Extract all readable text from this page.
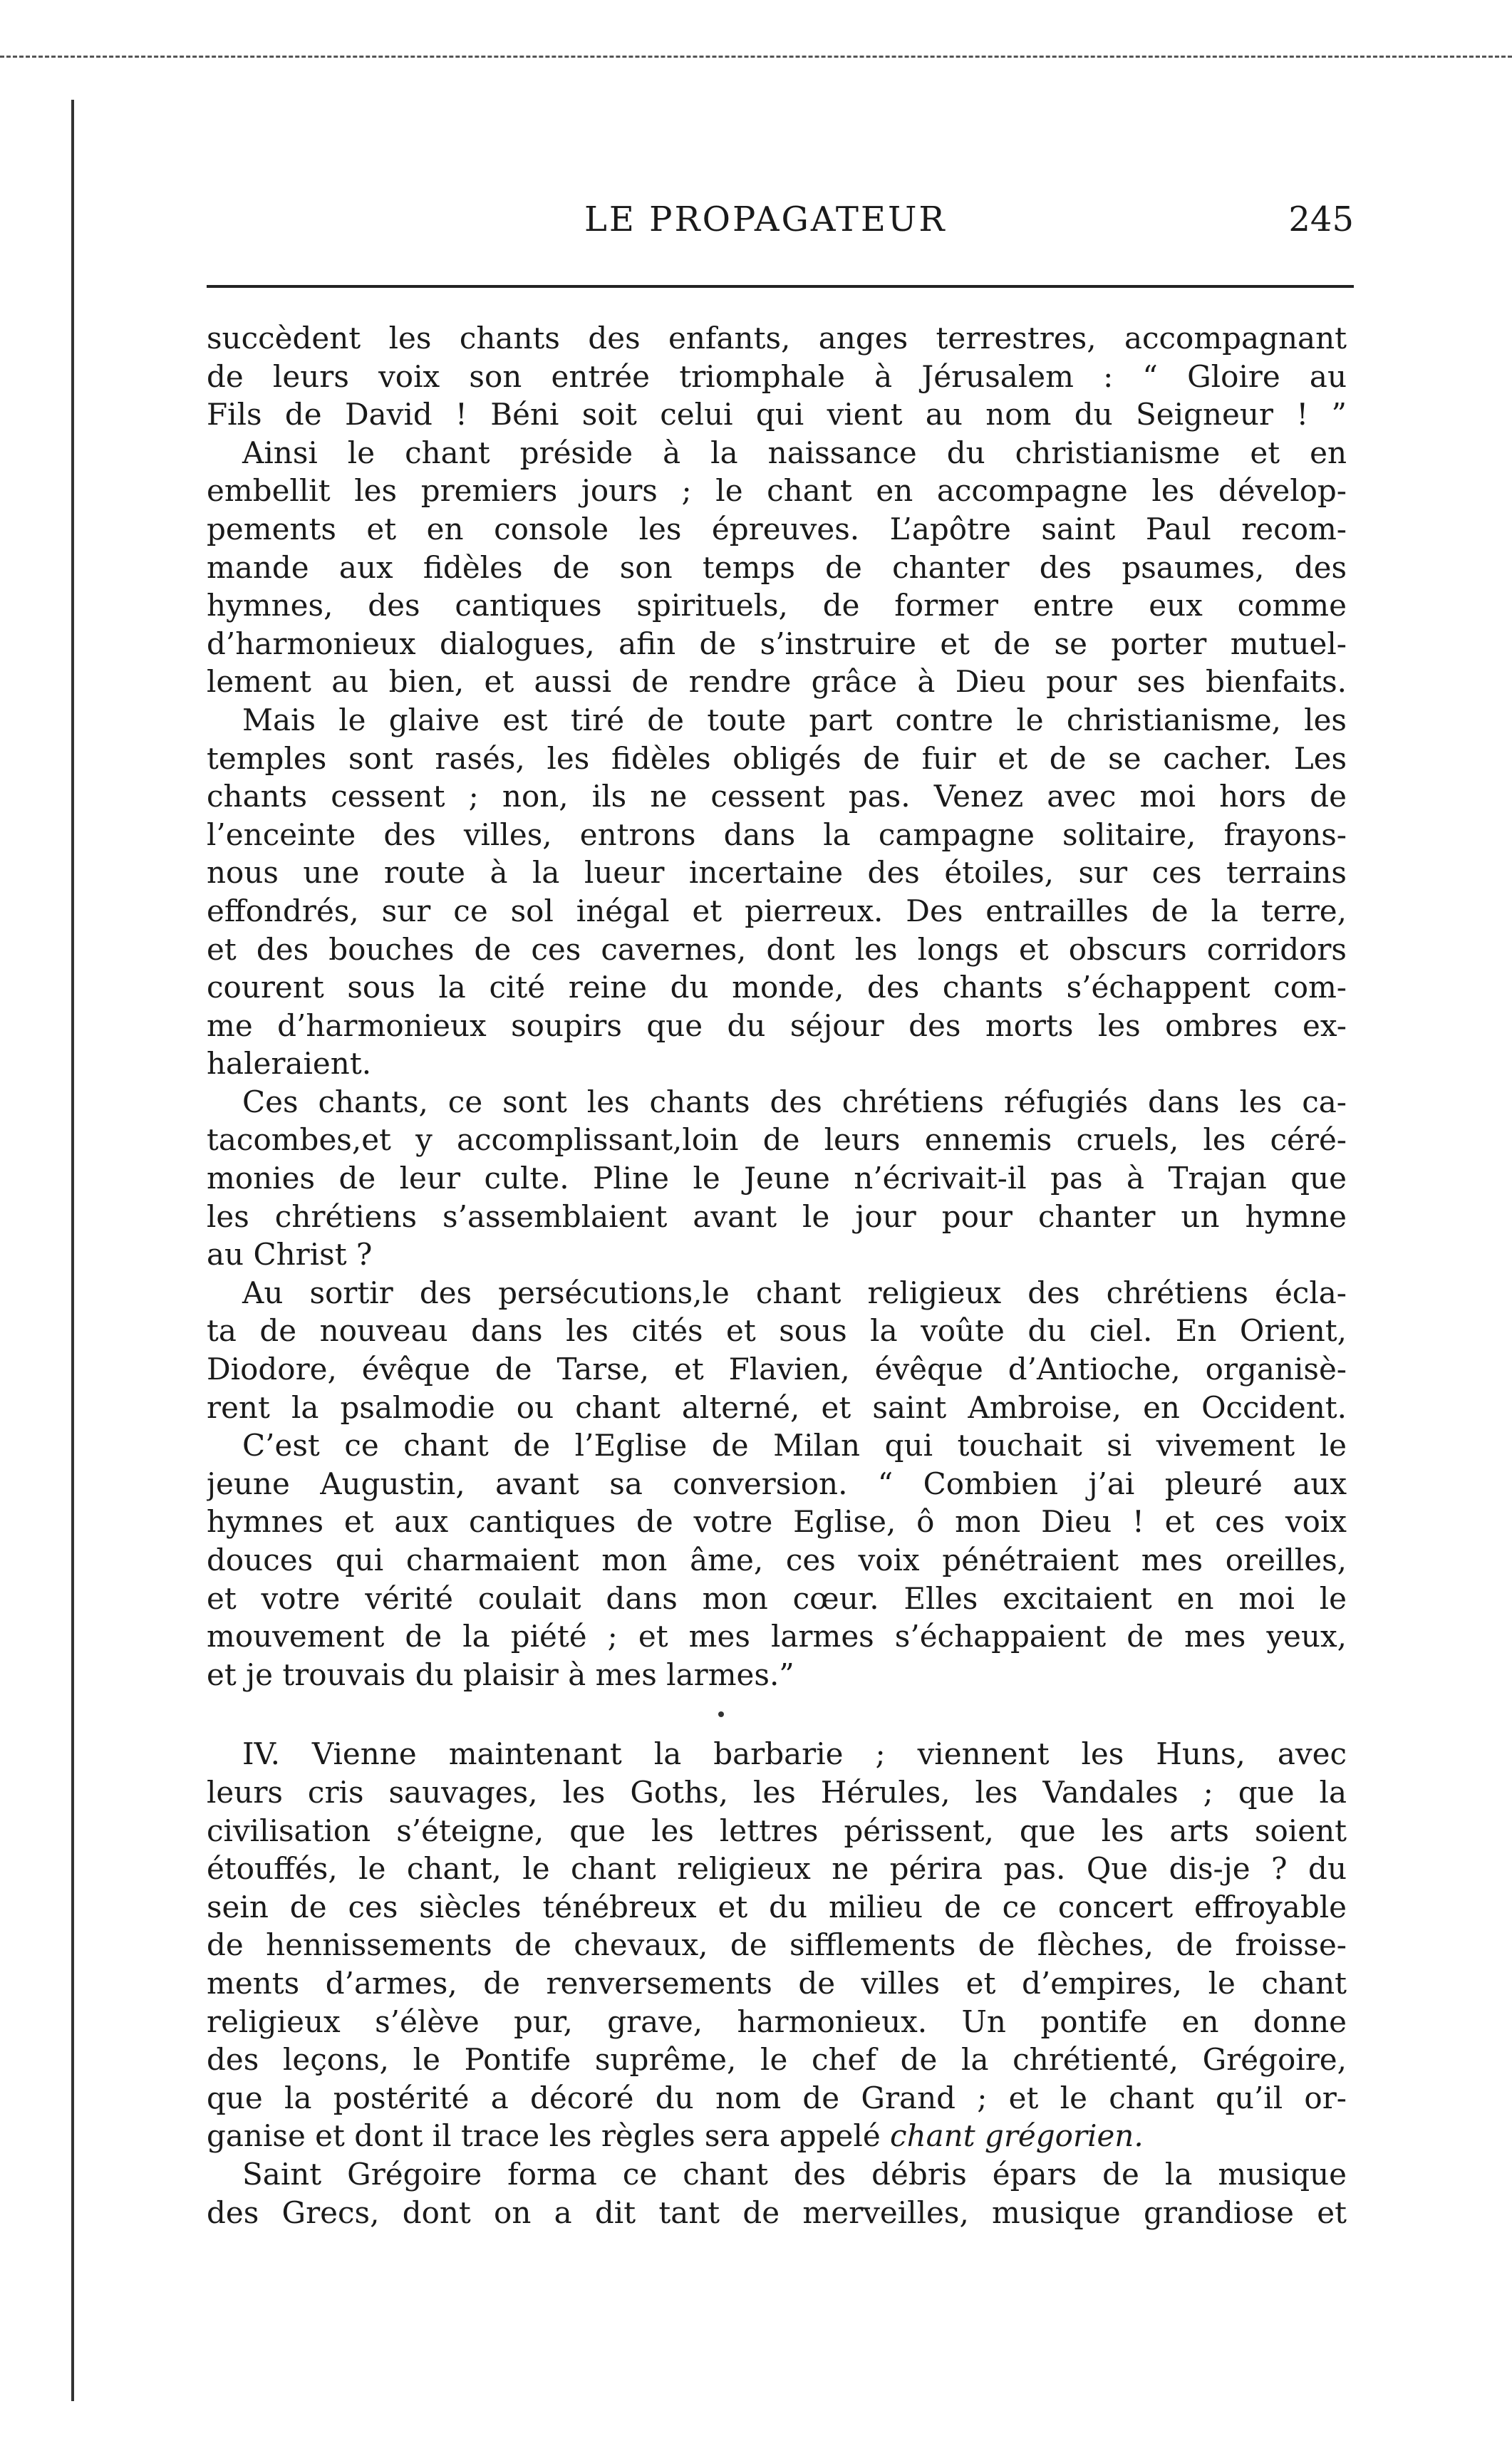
LE PROPAGATEUR	245
succèdent les chants des enfants, anges terrestres, accompagnant
de leurs voix son entrée triomphale à Jérusalem : “ Gloire au
Fils de David ! Béni soit celui qui vient au nom du Seigneur ! ”
Ainsi le chant préside à la naissance du christianisme et en
embellit les premiers jours ; le chant en accompagne les dévelop-
pements et en console les épreuves. L’apôtre saint Paul recom-
mande aux fidèles de son temps de chanter des psaumes, des
hymnes, des cantiques spirituels, de former entre eux comme
d’harmonieux dialogues, afin de s’instruire et de se porter mutuel-
lement au bien, et aussi de rendre grâce à Dieu pour ses bienfaits.
Mais le glaive est tiré de toute part contre le christianisme, les
temples sont rasés, les fidèles obligés de fuir et de se cacher. Les
chants cessent ; non, ils ne cessent pas. Venez avec moi hors de
l’enceinte des villes, entrons dans la campagne solitaire, frayons-
nous une route à la lueur incertaine des étoiles, sur ces terrains
effondrés, sur ce sol inégal et pierreux. Des entrailles de la terre,
et des bouches de ces cavernes, dont les longs et obscurs corridors
courent sous la cité reine du monde, des chants s’échappent com-
me d’harmonieux soupirs que du séjour des morts les ombres ex-
haleraient.
Ces chants, ce sont les chants des chrétiens réfugiés dans les ca-
tacombes,et y accomplissant,loin de leurs ennemis cruels, les céré-
monies de leur culte. Pline le Jeune n’écrivait-il pas à Trajan que
les chrétiens s’assemblaient avant le jour pour chanter un hymne
au Christ ?
Au sortir des persécutions,le chant religieux des chrétiens écla-
ta de nouveau dans les cités et sous la voûte du ciel. En Orient,
Diodore, évêque de Tarse, et Flavien, évêque d’Antioche, organisè-
rent la psalmodie ou chant alterné, et saint Ambroise, en Occident.
C’est ce chant de l’Eglise de Milan qui touchait si vivement le
jeune Augustin, avant sa conversion. “ Combien j’ai pleuré aux
hymnes et aux cantiques de votre Eglise, ô mon Dieu ! et ces voix
douces qui charmaient mon âme, ces voix pénétraient mes oreilles,
et votre vérité coulait dans mon cœur. Elles excitaient en moi le
mouvement de la piété ; et mes larmes s’échappaient de mes yeux,
et je trouvais du plaisir à mes larmes.”
IV. Vienne maintenant la barbarie ; viennent les Huns, avec
leurs cris sauvages, les Goths, les Hérules, les Vandales ; que la
civilisation s’éteigne, que les lettres périssent, que les arts soient
étouffés, le chant, le chant religieux ne périra pas. Que dis-je ? du
sein de ces siècles ténébreux et du milieu de ce concert effroyable
de hennissements de chevaux, de sifflements de flèches, de froisse-
ments d’armes, de renversements de villes et d’empires, le chant
religieux s’élève pur, grave, harmonieux. Un pontife en donne
des leçons, le Pontife suprême, le chef de la chrétienté, Grégoire,
que la postérité a décoré du nom de Grand ; et le chant qu’il or-
ganise et dont il trace les règles sera appelé chant grégorien.
Saint Grégoire forma ce chant des débris épars de la musique
des Grecs, dont on a dit tant de merveilles, musique grandiose et
